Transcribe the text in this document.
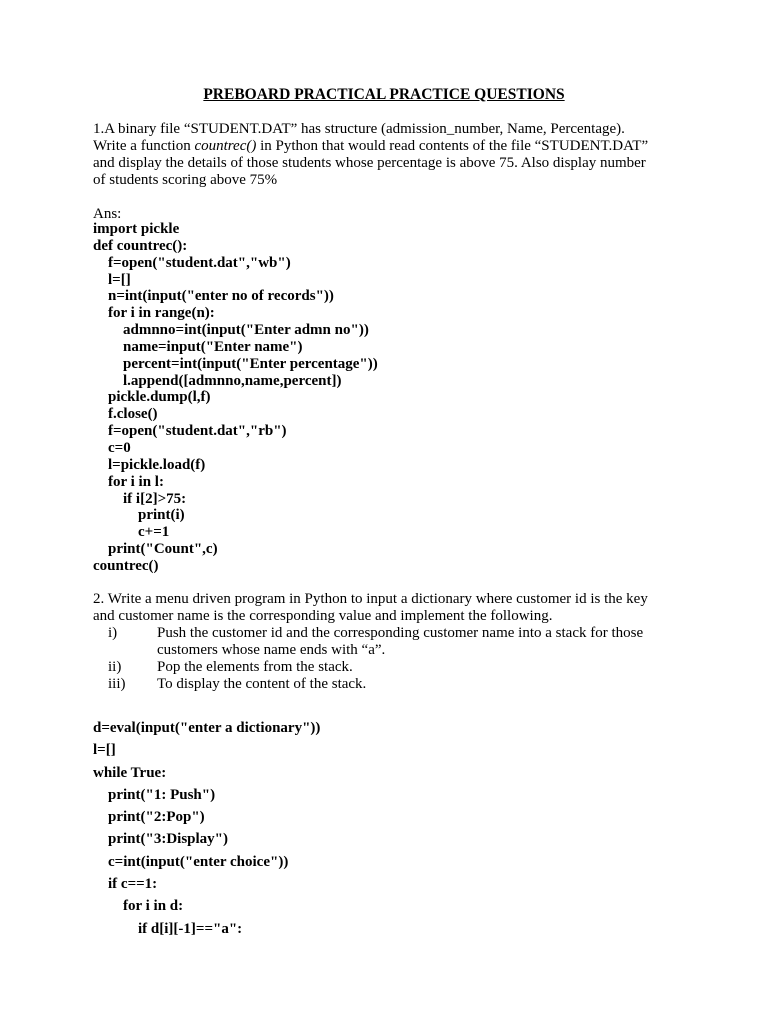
PREBOARD PRACTICAL PRACTICE QUESTIONS

1.A binary file “STUDENT.DAT” has structure (admission_number, Name, Percentage).

Write a function countrec() in Python that would read contents of the file “STUDENT.DAT”

and display the details of those students whose percentage is above 75. Also display number

of students scoring above 75%

Ans:
import pickle
def countrec():
f=open("student.dat","wb")
l=[]
n=int(input("enter no of records"))
for i in range(n):
admnno=int(input("Enter admn no"))
name=input("Enter name")
percent=int(input("Enter percentage"))
l.append([admnno,name,percent])
pickle.dump(l,f)
f.close()
f=open("student.dat","rb")
c=0
l=pickle.load(f)
for i in l:
if i[2]>75:
print(i)
c+=1
print("Count",c)
countrec()

2. Write a menu driven program in Python to input a dictionary where customer id is the key

and customer name is the corresponding value and implement the following.

i)	Push the customer id and the corresponding customer name into a stack for those
customers whose name ends with “a”.
ii) Pop the elements from the stack.
iii) To display the content of the stack.
d=eval(input("enter a dictionary"))
l=[]
while True:
print("1: Push")
print("2:Pop")
print("3:Display")
c=int(input("enter choice"))
if c==1:
for i in d:
if d[i][-1]=="a":
